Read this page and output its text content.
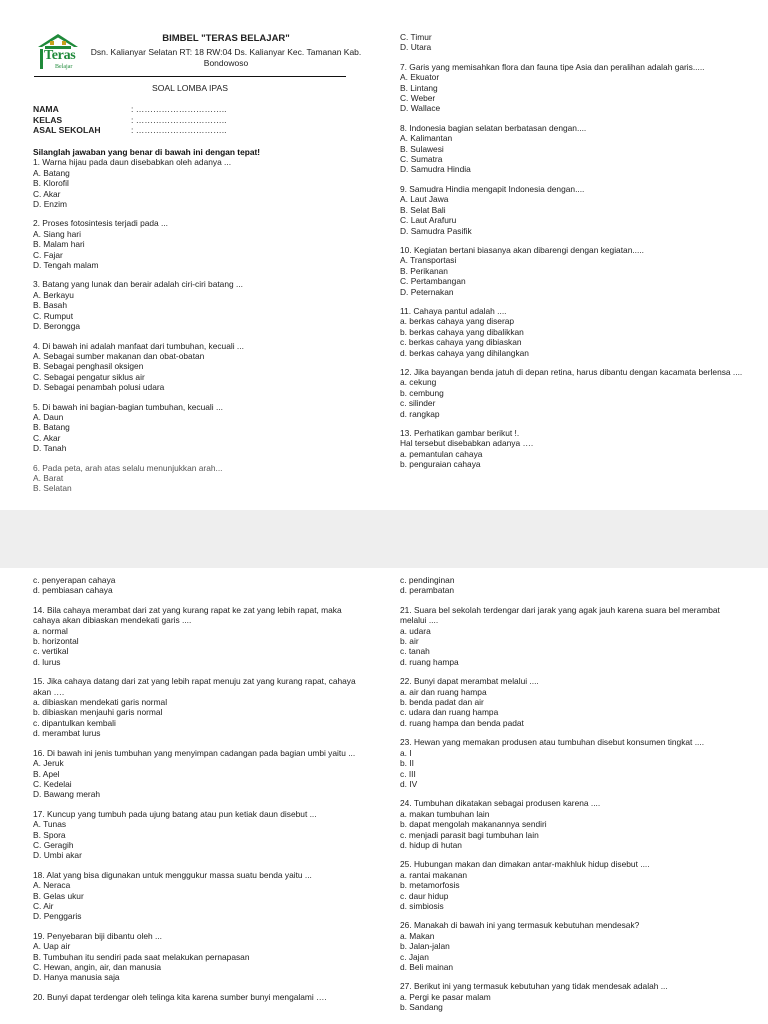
Teras
Belajar
BIMBEL "TERAS BELAJAR"
Dsn. Kalianyar Selatan RT: 18 RW:04 Ds. Kalianyar Kec. Tamanan Kab. Bondowoso
SOAL LOMBA IPAS
NAMA	: …………………………..
KELAS	: …………………………..
ASAL SEKOLAH	: …………………………..
Silanglah jawaban yang benar di bawah ini dengan tepat!
1. Warna hijau pada daun disebabkan oleh adanya ...
A. Batang
B. Klorofil
C. Akar
D. Enzim
2. Proses fotosintesis terjadi pada ...
A. Siang hari
B. Malam hari
C. Fajar
D. Tengah malam
3. Batang yang lunak dan berair adalah ciri-ciri batang ...
A. Berkayu
B. Basah
C. Rumput
D. Berongga
4. Di bawah ini adalah manfaat dari tumbuhan, kecuali ...
A. Sebagai sumber makanan dan obat-obatan
B. Sebagai penghasil oksigen
C. Sebagai pengatur siklus air
D. Sebagai penambah polusi udara
5. Di bawah ini bagian-bagian tumbuhan, kecuali ...
A. Daun
B. Batang
C. Akar
D. Tanah
6. Pada peta, arah atas selalu menunjukkan arah...
A. Barat
B. Selatan
C. Timur
D. Utara
7. Garis yang memisahkan flora dan fauna tipe Asia dan peralihan adalah garis.....
A. Ekuator
B. Lintang
C. Weber
D. Wallace
8. Indonesia bagian selatan berbatasan dengan....
A. Kalimantan
B. Sulawesi
C. Sumatra
D. Samudra Hindia
9. Samudra Hindia mengapit Indonesia dengan....
A. Laut Jawa
B. Selat Bali
C. Laut Arafuru
D. Samudra Pasifik
10. Kegiatan bertani biasanya akan dibarengi dengan kegiatan.....
A. Transportasi
B. Perikanan
C. Pertambangan
D. Peternakan
11. Cahaya pantul adalah ....
a. berkas cahaya yang diserap
b. berkas cahaya yang dibalikkan
c. berkas cahaya yang dibiaskan
d. berkas cahaya yang dihilangkan
12. Jika bayangan benda jatuh di depan retina, harus dibantu dengan kacamata berlensa ....
a. cekung
b. cembung
c. silinder
d. rangkap
13. Perhatikan gambar berikut !.
Hal tersebut disebabkan adanya ….
a. pemantulan cahaya
b. penguraian cahaya
c. penyerapan cahaya
d. pembiasan cahaya
14. Bila cahaya merambat dari zat yang kurang rapat ke zat yang lebih rapat, maka cahaya akan dibiaskan mendekati garis ....
a. normal
b. horizontal
c. vertikal
d. lurus
15. Jika cahaya datang dari zat yang lebih rapat menuju zat yang kurang rapat, cahaya akan ….
a. dibiaskan mendekati garis normal
b. dibiaskan menjauhi garis normal
c. dipantulkan kembali
d. merambat lurus
16. Di bawah ini jenis tumbuhan yang menyimpan cadangan pada bagian umbi yaitu ...
A. Jeruk
B. Apel
C. Kedelai
D. Bawang merah
17. Kuncup yang tumbuh pada ujung batang atau pun ketiak daun disebut ...
A. Tunas
B. Spora
C. Geragih
D. Umbi akar
18. Alat yang bisa digunakan untuk menggukur massa suatu benda yaitu ...
A. Neraca
B. Gelas ukur
C. Air
D. Penggaris
19. Penyebaran biji dibantu oleh ...
A. Uap air
B. Tumbuhan itu sendiri pada saat melakukan pernapasan
C. Hewan, angin, air, dan manusia
D. Hanya manusia saja
20. Bunyi dapat terdengar oleh telinga kita karena sumber bunyi mengalami ….
c. pendinginan
d. perambatan
21. Suara bel sekolah terdengar dari jarak yang agak jauh karena suara bel merambat melalui ....
a. udara
b. air
c. tanah
d. ruang hampa
22. Bunyi dapat merambat melalui ....
a. air dan ruang hampa
b. benda padat dan air
c. udara dan ruang hampa
d. ruang hampa dan benda padat
23. Hewan yang memakan produsen atau tumbuhan disebut konsumen tingkat ....
a. I
b. II
c. III
d. IV
24. Tumbuhan dikatakan sebagai produsen karena ....
a. makan tumbuhan lain
b. dapat mengolah makanannya sendiri
c. menjadi parasit bagi tumbuhan lain
d. hidup di hutan
25. Hubungan makan dan dimakan antar-makhluk hidup disebut ....
a. rantai makanan
b. metamorfosis
c. daur hidup
d. simbiosis
26. Manakah di bawah ini yang termasuk kebutuhan mendesak?
a. Makan
b. Jalan-jalan
c. Jajan
d. Beli mainan
27. Berikut ini yang termasuk kebutuhan yang tidak mendesak adalah ...
a. Pergi ke pasar malam
b. Sandang
